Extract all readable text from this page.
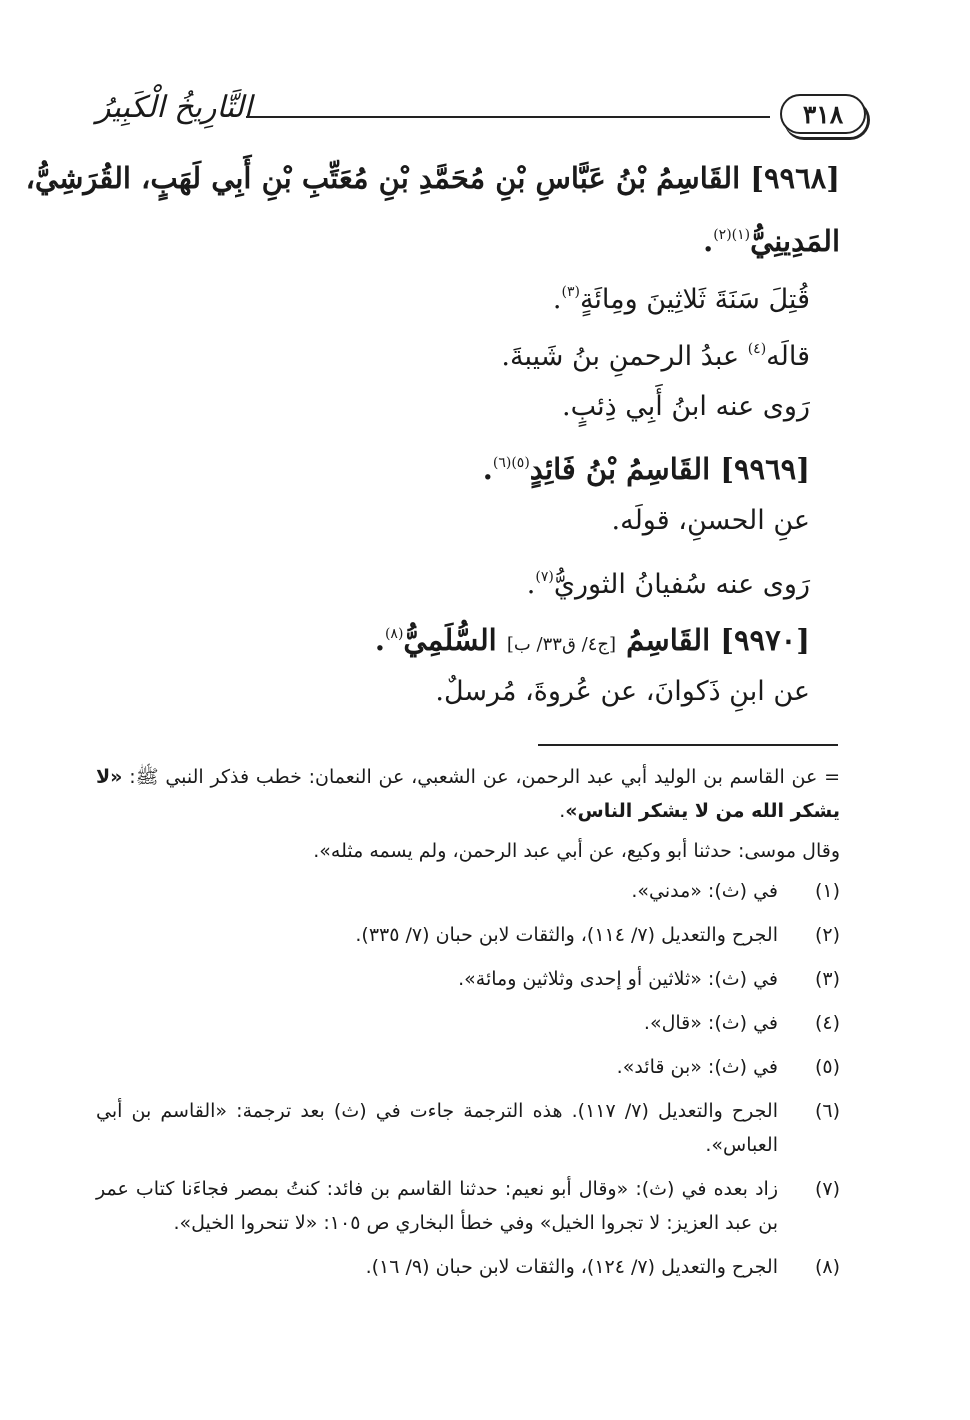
التَّارِيخُ الْكَبِيرُ	٣١٨
[٩٩٦٨] القَاسِمُ بْنُ عَبَّاسِ بْنِ مُحَمَّدِ بْنِ مُعَتِّبِ بْنِ أَبِي لَهَبٍ، القُرَشِيُّ،
المَدِينِيُّ$^{(١)(٢)}$.
قُتِلَ سَنَةَ ثَلاثِينَ ومِائَةٍ$^{(٣)}$.
قالَه$^{(٤)}$ عبدُ الرحمنِ بنُ شَيبةَ.
رَوى عنه ابنُ أَبِي ذِئبٍ.
[٩٩٦٩] القَاسِمُ بْنُ فَائِدٍ$^{(٥)(٦)}$.
عنِ الحسنِ، قولَه.
رَوى عنه سُفيانُ الثوريُّ$^{(٧)}$.
[٩٩٧٠] القَاسِمُ [ج٤/ ق٣٣/ ب] السُّلَمِيُّ$^{(٨)}$.
عن ابنِ ذَكوانَ، عن عُروةَ، مُرسلٌ.
= عن القاسم بن الوليد أبي عبد الرحمن، عن الشعبي، عن النعمان: خطب فذكر النبي ﷺ: «لا يشكر الله من لا يشكر الناس».
وقال موسى: حدثنا أبو وكيع، عن أبي عبد الرحمن، ولم يسمه مثله».
(١)
في (ث): «مدني».
(٢)
الجرح والتعديل (٧/ ١١٤)، والثقات لابن حبان (٧/ ٣٣٥).
(٣)
في (ث): «ثلاثين أو إحدى وثلاثين ومائة».
(٤)
في (ث): «قال».
(٥)
في (ث): «بن قائد».
(٦)
الجرح والتعديل (٧/ ١١٧). هذه الترجمة جاءت في (ث) بعد ترجمة: «القاسم بن أبي العباس».
(٧)
زاد بعده في (ث): «وقال أبو نعيم: حدثنا القاسم بن فائد: كنتُ بمصر فجاءَنا كتاب عمر بن عبد العزيز: لا تجروا الخيل» وفي خطأ البخاري ص ١٠٥: «لا تنحروا الخيل».
(٨)
الجرح والتعديل (٧/ ١٢٤)، والثقات لابن حبان (٩/ ١٦).
